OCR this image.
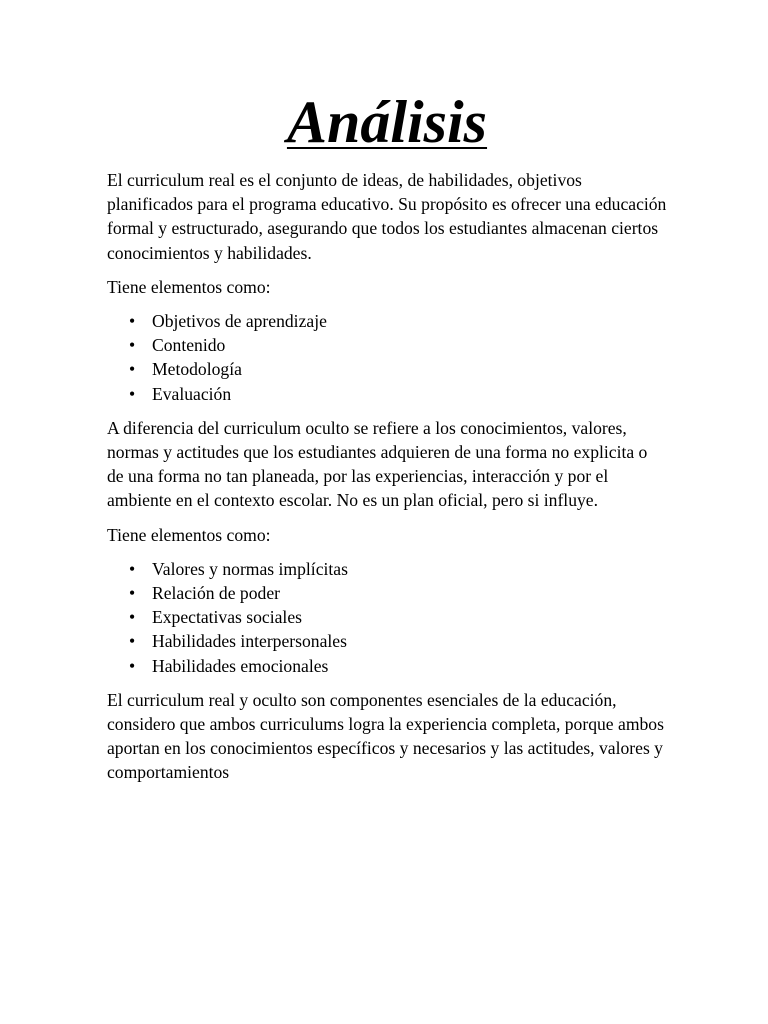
Análisis

El curriculum real es el conjunto de ideas, de habilidades, objetivos planificados para el programa educativo. Su propósito es ofrecer una educación formal y estructurado, asegurando que todos los estudiantes almacenan ciertos conocimientos y habilidades.

Tiene elementos como:

• Objetivos de aprendizaje
• Contenido
• Metodología
• Evaluación

A diferencia del curriculum oculto se refiere a los conocimientos, valores, normas y actitudes que los estudiantes adquieren de una forma no explicita o de una forma no tan planeada, por las experiencias, interacción y por el ambiente en el contexto escolar. No es un plan oficial, pero si influye.

Tiene elementos como:

• Valores y normas implícitas
• Relación de poder
• Expectativas sociales
• Habilidades interpersonales
• Habilidades emocionales

El curriculum real y oculto son componentes esenciales de la educación, considero que ambos curriculums logra la experiencia completa, porque ambos aportan en los conocimientos específicos y necesarios y las actitudes, valores y comportamientos
